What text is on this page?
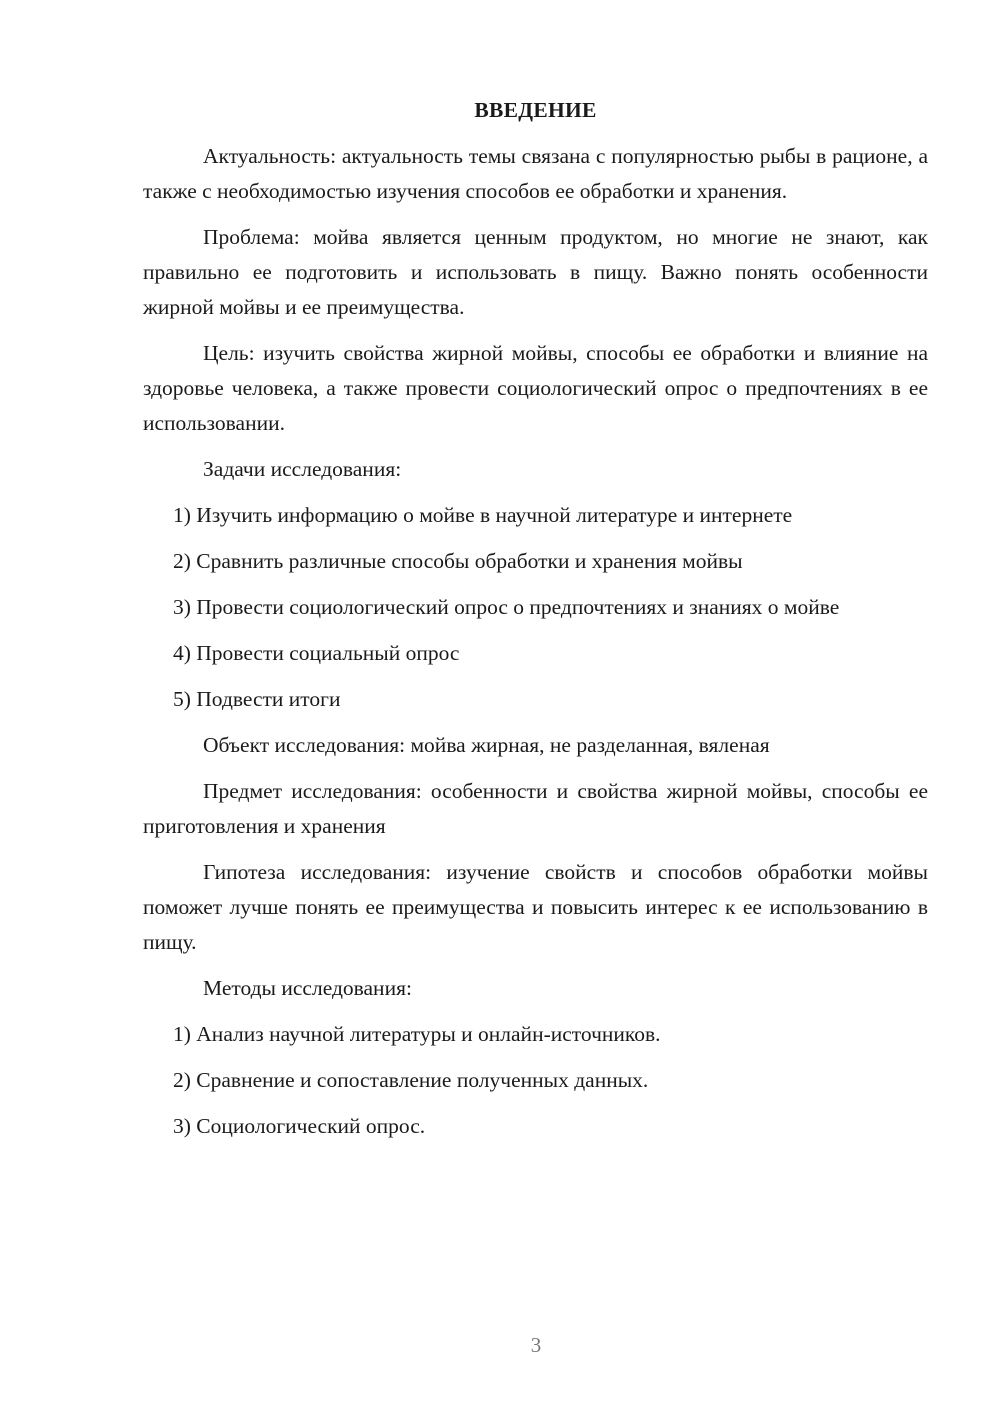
ВВЕДЕНИЕ

Актуальность: актуальность темы связана с популярностью рыбы в рационе, а также с необходимостью изучения способов ее обработки и хранения.

Проблема: мойва является ценным продуктом, но многие не знают, как правильно ее подготовить и использовать в пищу. Важно понять особенности жирной мойвы и ее преимущества.

Цель: изучить свойства жирной мойвы, способы ее обработки и влияние на здоровье человека, а также провести социологический опрос о предпочтениях в ее использовании.

Задачи исследования:

1) Изучить информацию о мойве в научной литературе и интернете

2) Сравнить различные способы обработки и хранения мойвы

3) Провести социологический опрос о предпочтениях и знаниях о мойве

4) Провести социальный опрос

5) Подвести итоги

Объект исследования: мойва жирная, не разделанная, вяленая

Предмет исследования: особенности и свойства жирной мойвы, способы ее приготовления и хранения

Гипотеза исследования: изучение свойств и способов обработки мойвы поможет лучше понять ее преимущества и повысить интерес к ее использованию в пищу.

Методы исследования:

1) Анализ научной литературы и онлайн-источников.

2) Сравнение и сопоставление полученных данных.

3) Социологический опрос.

3
